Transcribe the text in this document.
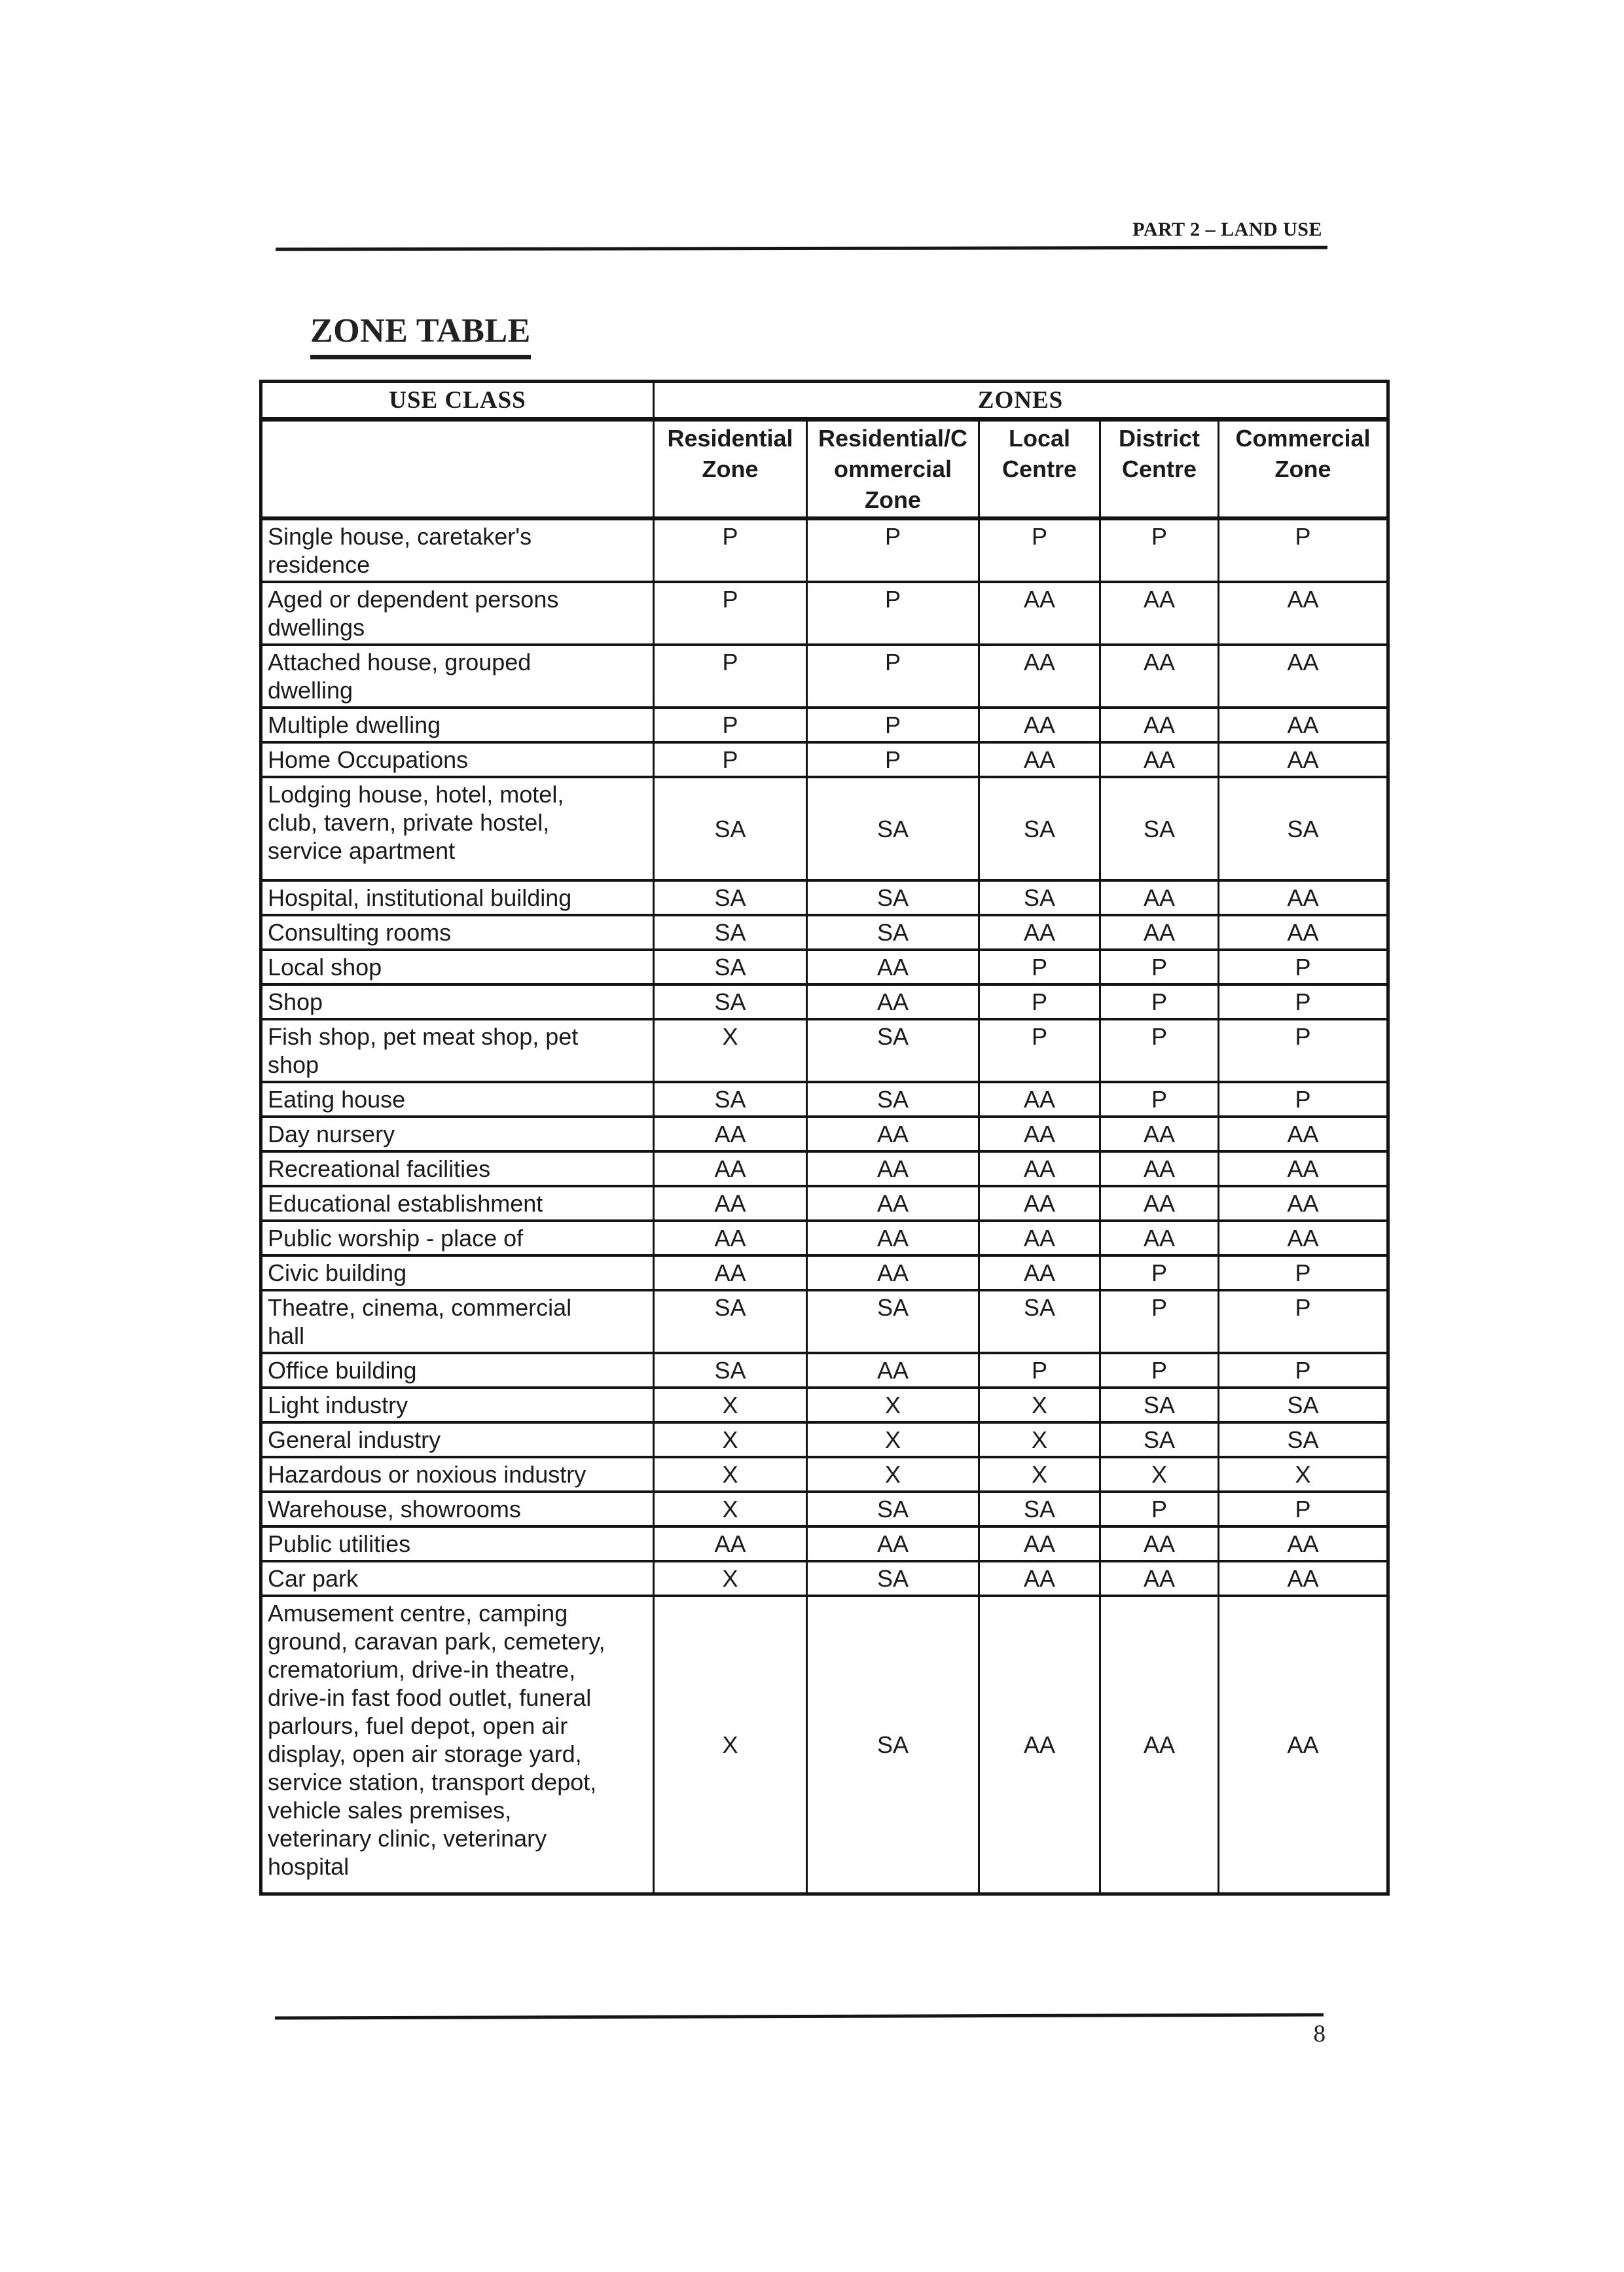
PART 2 – LAND USE
ZONE TABLE
USE CLASS	ZONES				
	Residential Zone	Residential/Commercial Zone	Local Centre	District Centre	Commercial Zone
Single house, caretaker's residence	P	P	P	P	P
Aged or dependent persons dwellings	P	P	AA	AA	AA
Attached house, grouped dwelling	P	P	AA	AA	AA
Multiple dwelling	P	P	AA	AA	AA
Home Occupations	P	P	AA	AA	AA
Lodging house, hotel, motel, club, tavern, private hostel, service apartment	SA	SA	SA	SA	SA
Hospital, institutional building	SA	SA	SA	AA	AA
Consulting rooms	SA	SA	AA	AA	AA
Local shop	SA	AA	P	P	P
Shop	SA	AA	P	P	P
Fish shop, pet meat shop, pet shop	X	SA	P	P	P
Eating house	SA	SA	AA	P	P
Day nursery	AA	AA	AA	AA	AA
Recreational facilities	AA	AA	AA	AA	AA
Educational establishment	AA	AA	AA	AA	AA
Public worship - place of	AA	AA	AA	AA	AA
Civic building	AA	AA	AA	P	P
Theatre, cinema, commercial hall	SA	SA	SA	P	P
Office building	SA	AA	P	P	P
Light industry	X	X	X	SA	SA
General industry	X	X	X	SA	SA
Hazardous or noxious industry	X	X	X	X	X
Warehouse, showrooms	X	SA	SA	P	P
Public utilities	AA	AA	AA	AA	AA
Car park	X	SA	AA	AA	AA
Amusement centre, camping ground, caravan park, cemetery, crematorium, drive-in theatre, drive-in fast food outlet, funeral parlours, fuel depot, open air display, open air storage yard, service station, transport depot, vehicle sales premises, veterinary clinic, veterinary hospital	X	SA	AA	AA	AA
8
